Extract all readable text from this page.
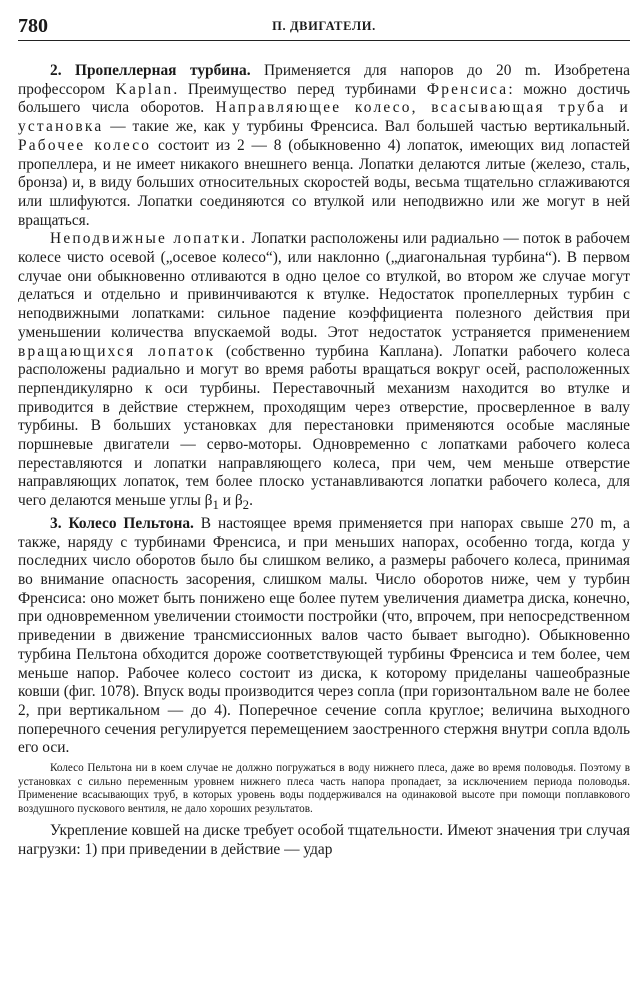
780	П. ДВИГАТЕЛИ.

2. Пропеллерная турбина. Применяется для напоров до 20 m. Изобретена профессором Kaplan. Преимущество перед турбинами Френсиса: можно достичь большего числа оборотов. Направляющее колесо, всасывающая труба и установка — такие же, как у турбины Френсиса. Вал большей частью вертикальный. Рабочее колесо состоит из 2 — 8 (обыкновенно 4) лопаток, имеющих вид лопастей пропеллера, и не имеет никакого внешнего венца. Лопатки делаются литые (железо, сталь, бронза) и, в виду больших относительных скоростей воды, весьма тщательно сглаживаются или шлифуются. Лопатки соединяются со втулкой или неподвижно или же могут в ней вращаться.

Неподвижные лопатки. Лопатки расположены или радиально — поток в рабочем колесе чисто осевой („осевое колесо“), или наклонно („диагональная турбина“). В первом случае они обыкновенно отливаются в одно целое со втулкой, во втором же случае могут делаться и отдельно и привинчиваются к втулке. Недостаток пропеллерных турбин с неподвижными лопатками: сильное падение коэффициента полезного действия при уменьшении количества впускаемой воды. Этот недостаток устраняется применением вращающихся лопаток (собственно турбина Каплана). Лопатки рабочего колеса расположены радиально и могут во время работы вращаться вокруг осей, расположенных перпендикулярно к оси турбины. Переставочный механизм находится во втулке и приводится в действие стержнем, проходящим через отверстие, просверленное в валу турбины. В больших установках для перестановки применяются особые масляные поршневые двигатели — серво-моторы. Одновременно с лопатками рабочего колеса переставляются и лопатки направляющего колеса, при чем, чем меньше отверстие направляющих лопаток, тем более плоско устанавливаются лопатки рабочего колеса, для чего делаются меньше углы $\beta_1$ и $\beta_2$.

3. Колесо Пельтона. В настоящее время применяется при напорах свыше 270 m, а также, наряду с турбинами Френсиса, и при меньших напорах, особенно тогда, когда у последних число оборотов было бы слишком велико, а размеры рабочего колеса, принимая во внимание опасность засорения, слишком малы. Число оборотов ниже, чем у турбин Френсиса: оно может быть понижено еще более путем увеличения диаметра диска, конечно, при одновременном увеличении стоимости постройки (что, впрочем, при непосредственном приведении в движение трансмиссионных валов часто бывает выгодно). Обыкновенно турбина Пельтона обходится дороже соответствующей турбины Френсиса и тем более, чем меньше напор. Рабочее колесо состоит из диска, к которому приделаны чашеобразные ковши (фиг. 1078). Впуск воды производится через сопла (при горизонтальном вале не более 2, при вертикальном — до 4). Поперечное сечение сопла круглое; величина выходного поперечного сечения регулируется перемещением заостренного стержня внутри сопла вдоль его оси.

Колесо Пельтона ни в коем случае не должно погружаться в воду нижнего плеса, даже во время половодья. Поэтому в установках с сильно переменным уровнем нижнего плеса часть напора пропадает, за исключением периода половодья. Применение всасывающих труб, в которых уровень воды поддерживался на одинаковой высоте при помощи поплавкового воздушного пускового вентиля, не дало хороших результатов.

Укрепление ковшей на диске требует особой тщательности. Имеют значения три случая нагрузки: 1) при приведении в действие — удар
